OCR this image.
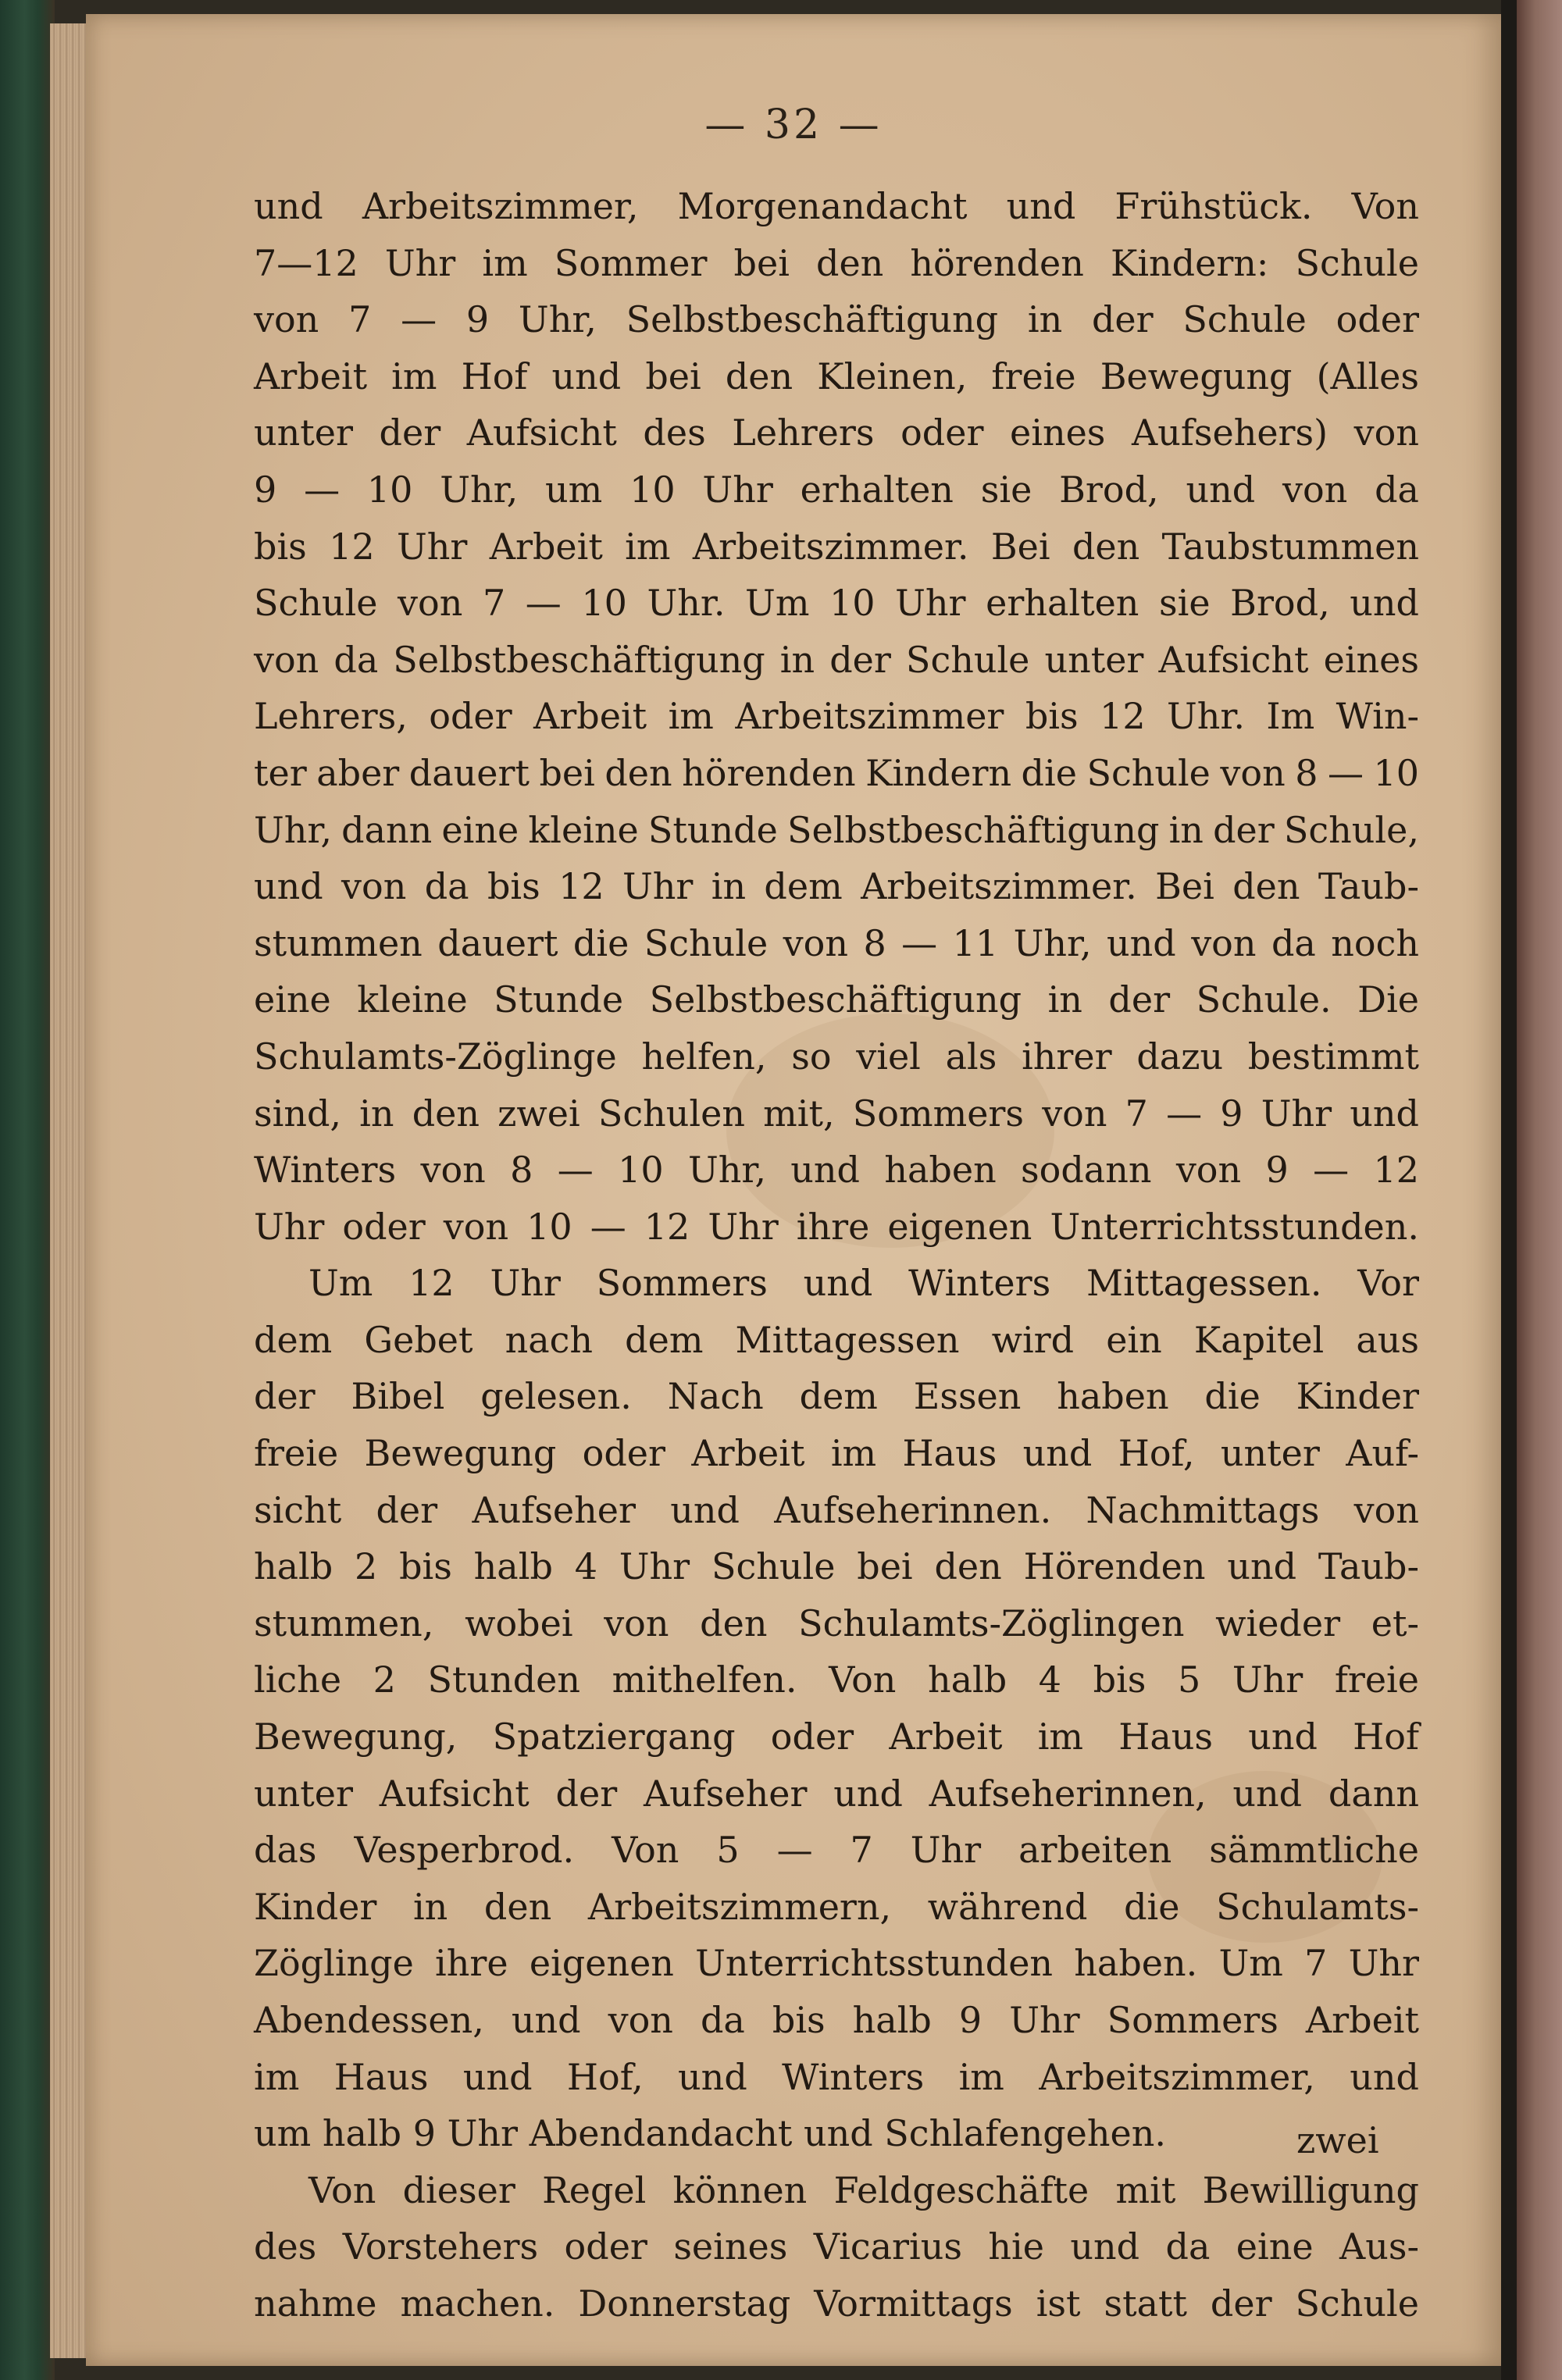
— 32 —
und Arbeitszimmer, Morgenandacht und Frühstück. Von
7—12 Uhr im Sommer bei den hörenden Kindern: Schule
von 7 — 9 Uhr, Selbstbeschäftigung in der Schule oder
Arbeit im Hof und bei den Kleinen, freie Bewegung (Alles
unter der Aufsicht des Lehrers oder eines Aufsehers) von
9 — 10 Uhr, um 10 Uhr erhalten sie Brod, und von da
bis 12 Uhr Arbeit im Arbeitszimmer. Bei den Taubstummen
Schule von 7 — 10 Uhr. Um 10 Uhr erhalten sie Brod, und
von da Selbstbeschäftigung in der Schule unter Aufsicht eines
Lehrers, oder Arbeit im Arbeitszimmer bis 12 Uhr. Im Win-
ter aber dauert bei den hörenden Kindern die Schule von 8 — 10
Uhr, dann eine kleine Stunde Selbstbeschäftigung in der Schule,
und von da bis 12 Uhr in dem Arbeitszimmer. Bei den Taub-
stummen dauert die Schule von 8 — 11 Uhr, und von da noch
eine kleine Stunde Selbstbeschäftigung in der Schule. Die
Schulamts-Zöglinge helfen, so viel als ihrer dazu bestimmt
sind, in den zwei Schulen mit, Sommers von 7 — 9 Uhr und
Winters von 8 — 10 Uhr, und haben sodann von 9 — 12
Uhr oder von 10 — 12 Uhr ihre eigenen Unterrichtsstunden.
Um 12 Uhr Sommers und Winters Mittagessen. Vor
dem Gebet nach dem Mittagessen wird ein Kapitel aus
der Bibel gelesen. Nach dem Essen haben die Kinder
freie Bewegung oder Arbeit im Haus und Hof, unter Auf-
sicht der Aufseher und Aufseherinnen. Nachmittags von
halb 2 bis halb 4 Uhr Schule bei den Hörenden und Taub-
stummen, wobei von den Schulamts-Zöglingen wieder et-
liche 2 Stunden mithelfen. Von halb 4 bis 5 Uhr freie
Bewegung, Spatziergang oder Arbeit im Haus und Hof
unter Aufsicht der Aufseher und Aufseherinnen, und dann
das Vesperbrod. Von 5 — 7 Uhr arbeiten sämmtliche
Kinder in den Arbeitszimmern, während die Schulamts-
Zöglinge ihre eigenen Unterrichtsstunden haben. Um 7 Uhr
Abendessen, und von da bis halb 9 Uhr Sommers Arbeit
im Haus und Hof, und Winters im Arbeitszimmer, und
um halb 9 Uhr Abendandacht und Schlafengehen.
Von dieser Regel können Feldgeschäfte mit Bewilligung
des Vorstehers oder seines Vicarius hie und da eine Aus-
nahme machen. Donnerstag Vormittags ist statt der Schule
zwei
